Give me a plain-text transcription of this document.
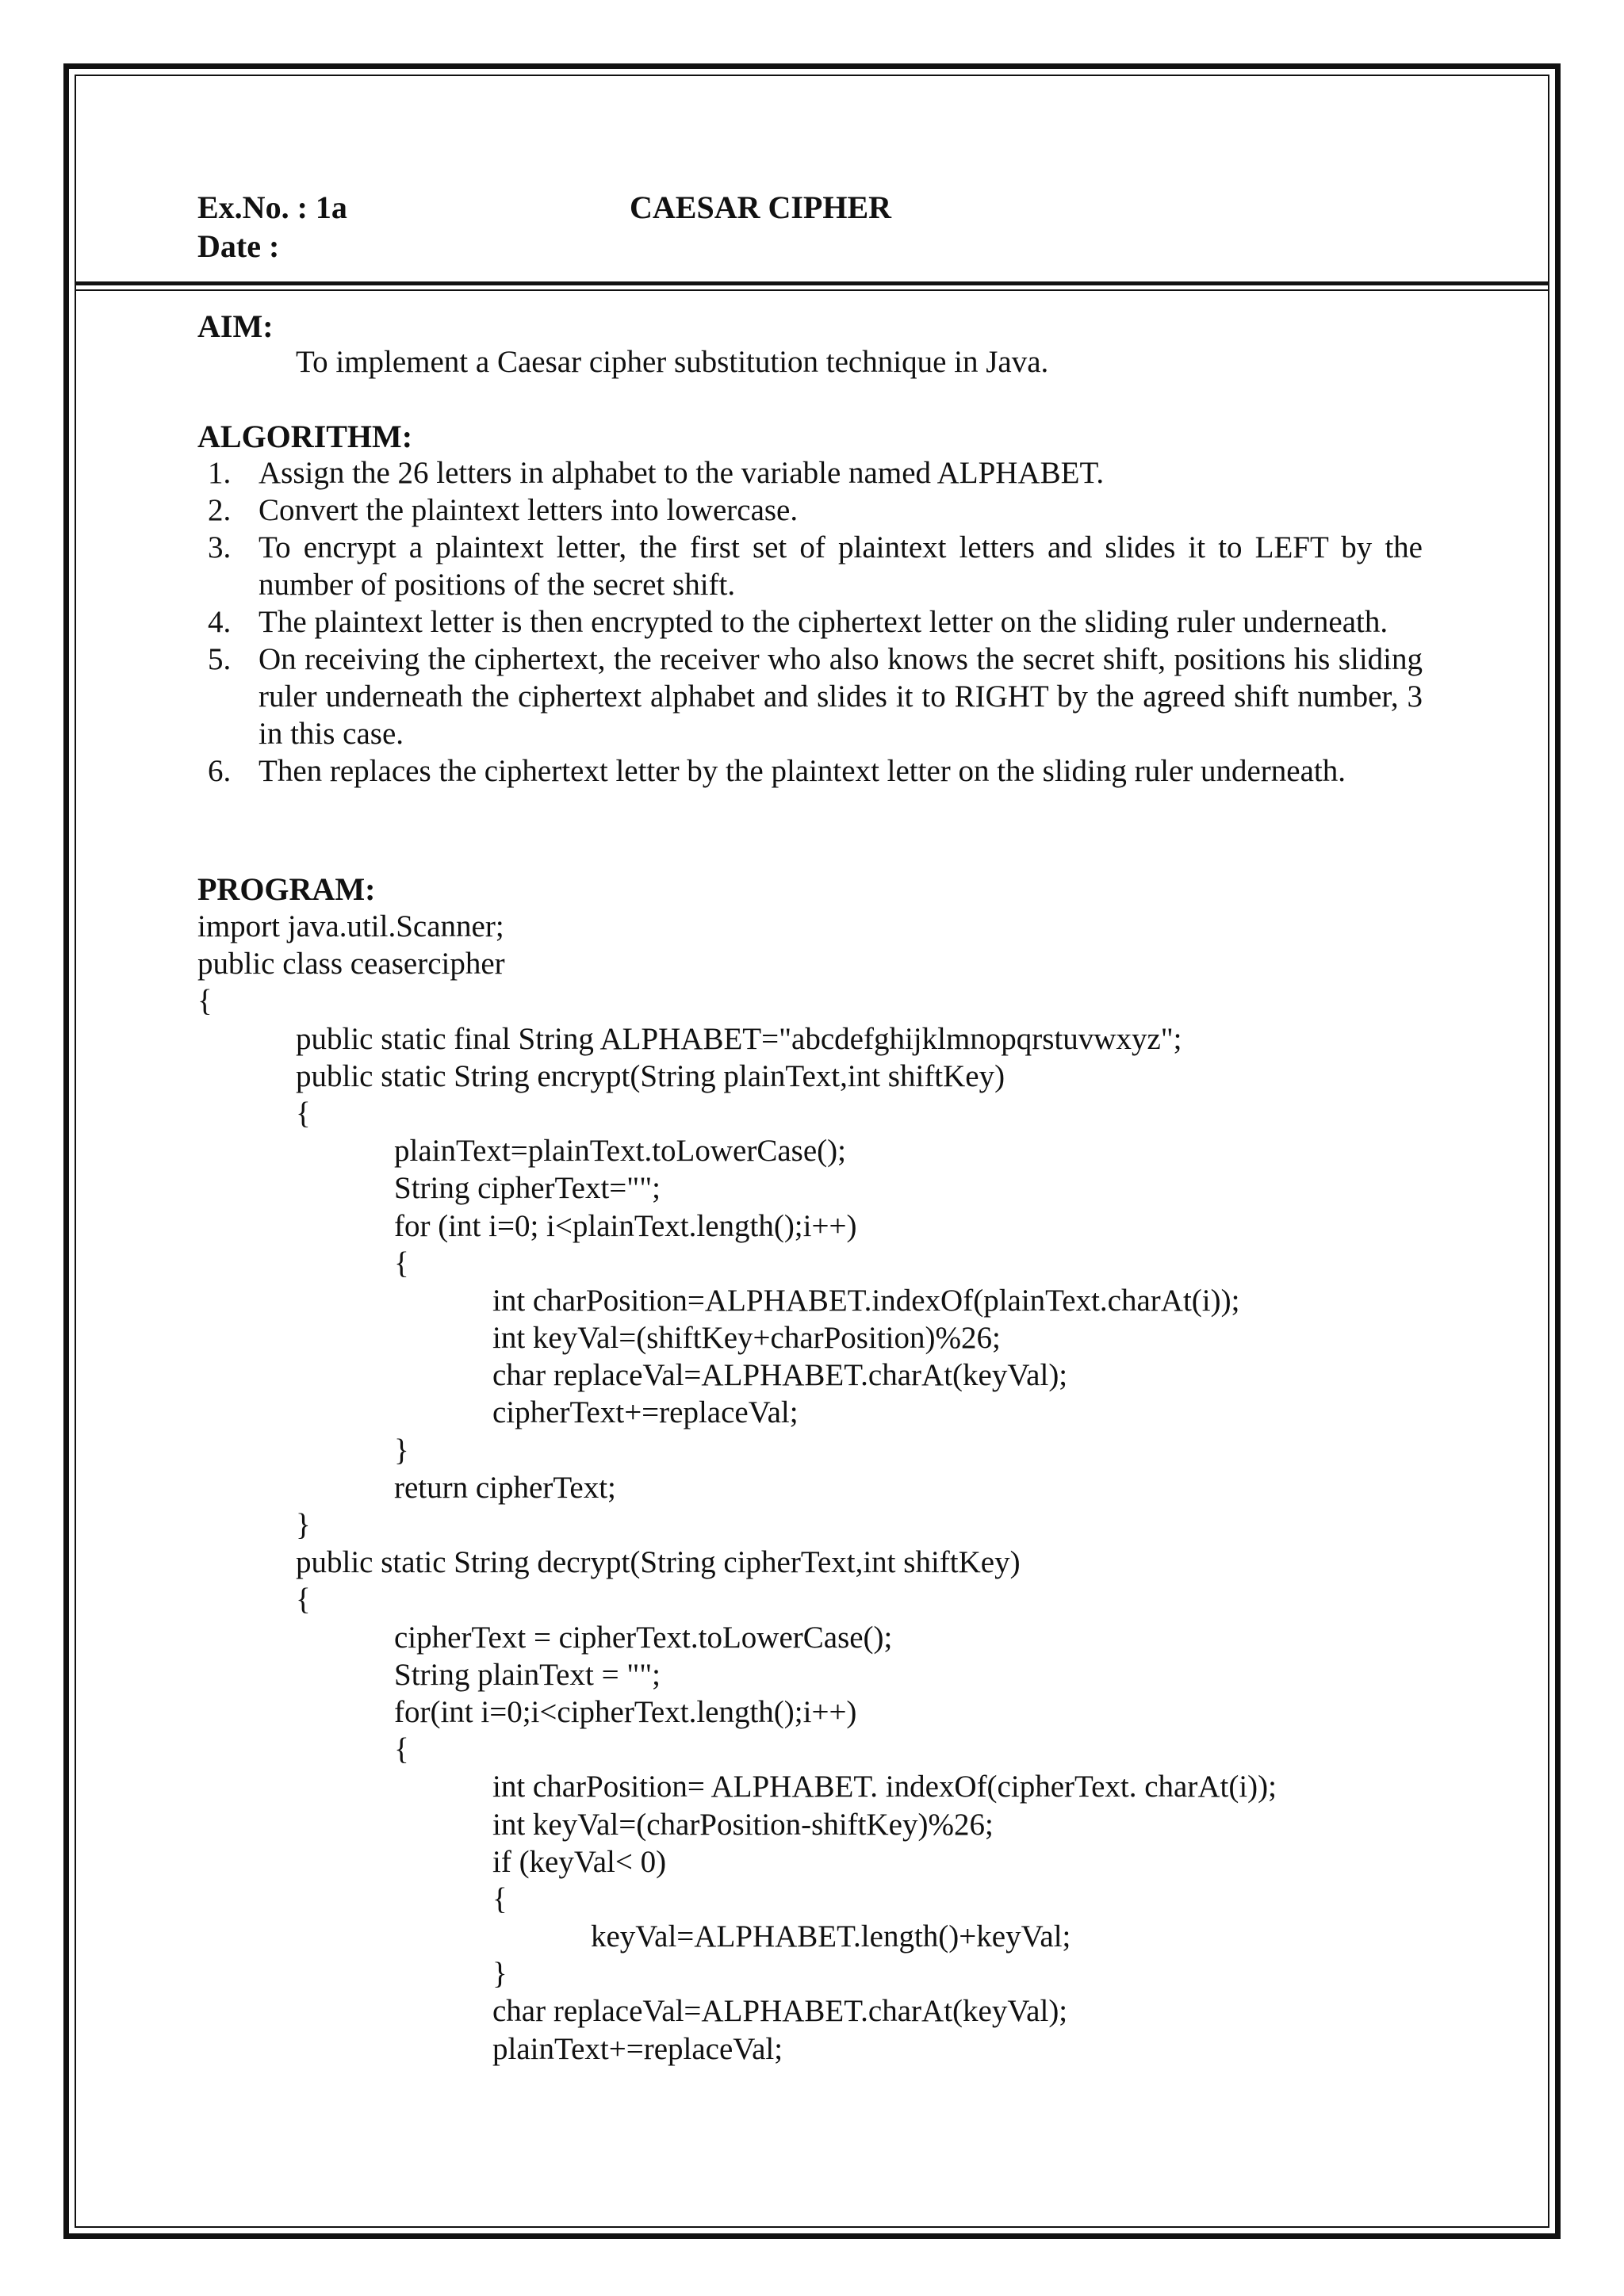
Ex.No. : 1a
Date :
CAESAR CIPHER
AIM:
To implement a Caesar cipher substitution technique in Java.
ALGORITHM:
1. Assign the 26 letters in alphabet to the variable named ALPHABET.
2. Convert the plaintext letters into lowercase.
3. To encrypt a plaintext letter, the first set of plaintext letters and slides it to LEFT by the number of positions of the secret shift.
4. The plaintext letter is then encrypted to the ciphertext letter on the sliding ruler underneath.
5. On receiving the ciphertext, the receiver who also knows the secret shift, positions his sliding ruler underneath the ciphertext alphabet and slides it to RIGHT by the agreed shift number, 3 in this case.
6. Then replaces the ciphertext letter by the plaintext letter on the sliding ruler underneath.
PROGRAM:
import java.util.Scanner;
public class ceasercipher
{
public static final String ALPHABET="abcdefghijklmnopqrstuvwxyz";
public static String encrypt(String plainText,int shiftKey)
{
plainText=plainText.toLowerCase();
String cipherText="";
for (int i=0; i<plainText.length();i++)
{
int charPosition=ALPHABET.indexOf(plainText.charAt(i));
int keyVal=(shiftKey+charPosition)%26;
char replaceVal=ALPHABET.charAt(keyVal);
cipherText+=replaceVal;
}
return cipherText;
}
public static String decrypt(String cipherText,int shiftKey)
{
cipherText = cipherText.toLowerCase();
String plainText = "";
for(int i=0;i<cipherText.length();i++)
{
int charPosition= ALPHABET. indexOf(cipherText. charAt(i));
int keyVal=(charPosition-shiftKey)%26;
if (keyVal< 0)
{
keyVal=ALPHABET.length()+keyVal;
}
char replaceVal=ALPHABET.charAt(keyVal);
plainText+=replaceVal;
